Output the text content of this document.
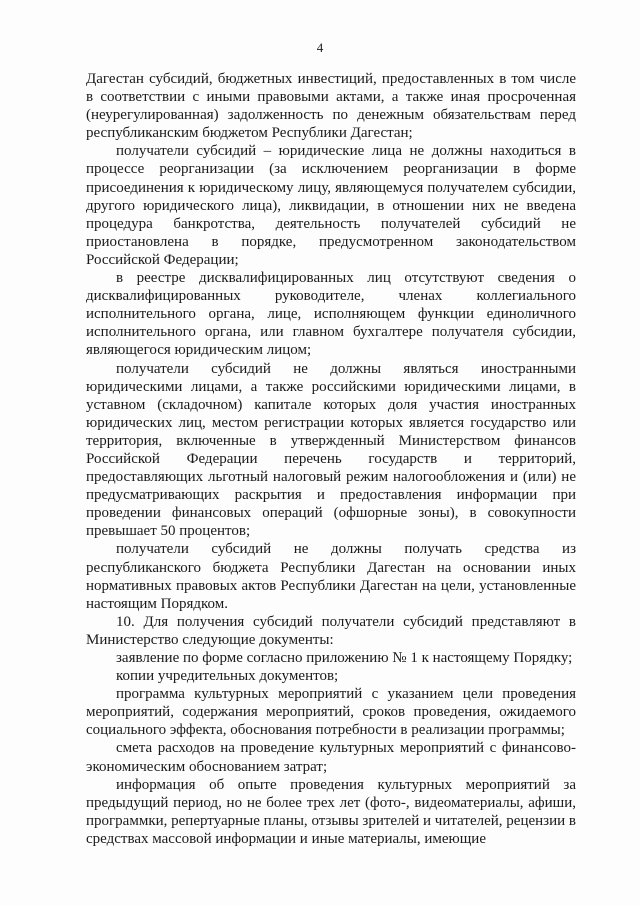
4

Дагестан субсидий, бюджетных инвестиций, предоставленных в том числе в соответствии с иными правовыми актами, а также иная просроченная (неурегулированная) задолженность по денежным обязательствам перед республиканским бюджетом Республики Дагестан;

получатели субсидий – юридические лица не должны находиться в процессе реорганизации (за исключением реорганизации в форме присоединения к юридическому лицу, являющемуся получателем субсидии, другого юридического лица), ликвидации, в отношении них не введена процедура банкротства, деятельность получателей субсидий не приостановлена в порядке, предусмотренном законодательством Российской Федерации;

в реестре дисквалифицированных лиц отсутствуют сведения о дисквалифицированных руководителе, членах коллегиального исполнительного органа, лице, исполняющем функции единоличного исполнительного органа, или главном бухгалтере получателя субсидии, являющегося юридическим лицом;

получатели субсидий не должны являться иностранными юридическими лицами, а также российскими юридическими лицами, в уставном (складочном) капитале которых доля участия иностранных юридических лиц, местом регистрации которых является государство или территория, включенные в утвержденный Министерством финансов Российской Федерации перечень государств и территорий, предоставляющих льготный налоговый режим налогообложения и (или) не предусматривающих раскрытия и предоставления информации при проведении финансовых операций (офшорные зоны), в совокупности превышает 50 процентов;

получатели субсидий не должны получать средства из республиканского бюджета Республики Дагестан на основании иных нормативных правовых актов Республики Дагестан на цели, установленные настоящим Порядком.

10. Для получения субсидий получатели субсидий представляют в Министерство следующие документы:

заявление по форме согласно приложению № 1 к настоящему Порядку;

копии учредительных документов;

программа культурных мероприятий с указанием цели проведения мероприятий, содержания мероприятий, сроков проведения, ожидаемого социального эффекта, обоснования потребности в реализации программы;

смета расходов на проведение культурных мероприятий с финансово-экономическим обоснованием затрат;

информация об опыте проведения культурных мероприятий за предыдущий период, но не более трех лет (фото-, видеоматериалы, афиши, программки, репертуарные планы, отзывы зрителей и читателей, рецензии в средствах массовой информации и иные материалы, имеющие
